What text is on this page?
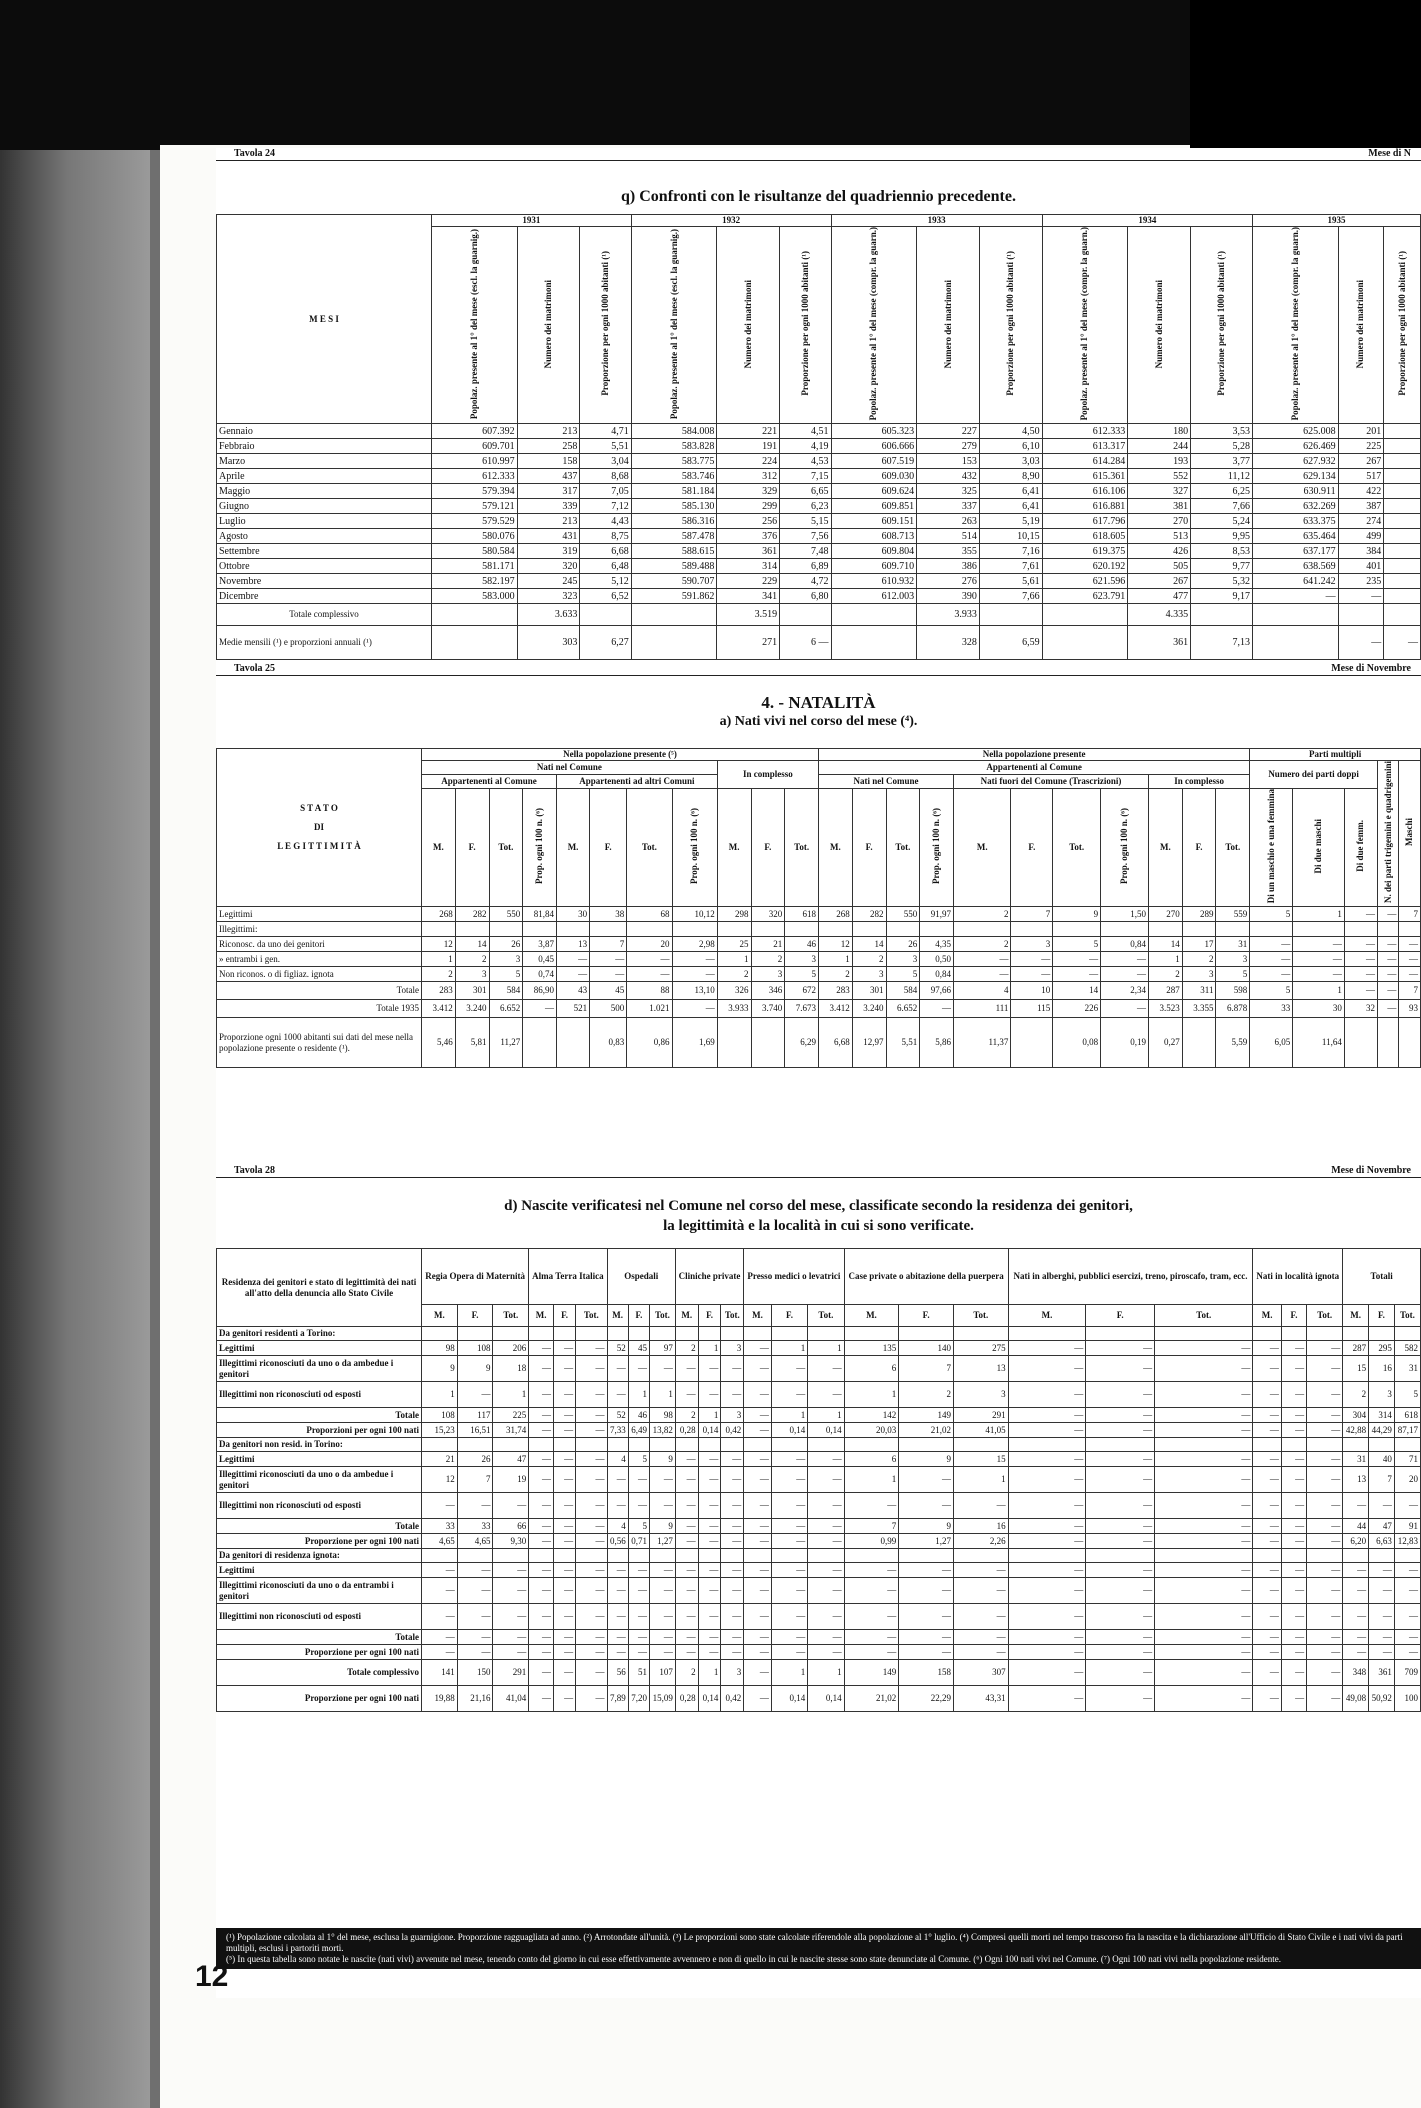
Tavola 24	Mese di N
q) Confronti con le risultanze del quadriennio precedente.
M E S I	1931			1932			1933			1934			1935		
	Popolaz. presente al 1° del mese (escl. la guarnig.)	Numero dei matrimoni	Proporzione per ogni 1000 abitanti (¹)	Popolaz. presente al 1° del mese (escl. la guarnig.)	Numero dei matrimoni	Proporzione per ogni 1000 abitanti (¹)	Popolaz. presente al 1° del mese (compr. la guarn.)	Numero dei matrimoni	Proporzione per ogni 1000 abitanti (¹)	Popolaz. presente al 1° del mese (compr. la guarn.)	Numero dei matrimoni	Proporzione per ogni 1000 abitanti (¹)	Popolaz. presente al 1° del mese (compr. la guarn.)	Numero dei matrimoni	Proporzione per ogni 1000 abitanti (¹)
Gennaio	607.392	213	4,71	584.008	221	4,51	605.323	227	4,50	612.333	180	3,53	625.008	201	
Febbraio	609.701	258	5,51	583.828	191	4,19	606.666	279	6,10	613.317	244	5,28	626.469	225	
Marzo	610.997	158	3,04	583.775	224	4,53	607.519	153	3,03	614.284	193	3,77	627.932	267	
Aprile	612.333	437	8,68	583.746	312	7,15	609.030	432	8,90	615.361	552	11,12	629.134	517	
Maggio	579.394	317	7,05	581.184	329	6,65	609.624	325	6,41	616.106	327	6,25	630.911	422	
Giugno	579.121	339	7,12	585.130	299	6,23	609.851	337	6,41	616.881	381	7,66	632.269	387	
Luglio	579.529	213	4,43	586.316	256	5,15	609.151	263	5,19	617.796	270	5,24	633.375	274	
Agosto	580.076	431	8,75	587.478	376	7,56	608.713	514	10,15	618.605	513	9,95	635.464	499	
Settembre	580.584	319	6,68	588.615	361	7,48	609.804	355	7,16	619.375	426	8,53	637.177	384	
Ottobre	581.171	320	6,48	589.488	314	6,89	609.710	386	7,61	620.192	505	9,77	638.569	401	
Novembre	582.197	245	5,12	590.707	229	4,72	610.932	276	5,61	621.596	267	5,32	641.242	235	
Dicembre	583.000	323	6,52	591.862	341	6,80	612.003	390	7,66	623.791	477	9,17	—	—	
Totale complessivo		3.633			3.519			3.933			4.335				
Medie mensili (¹) e proporzioni annuali (¹)		303	6,27		271	6 —		328	6,59		361	7,13		—	—
Tavola 25	Mese di Novembre
4. - NATALITÀ
a) Nati vivi nel corso del mese (⁴).
S T A T O
DI
L E G I T T I M I T À	Nella popolazione presente (⁵)											Nella popolazione presente											Parti multipli				
	Nati nel Comune								In complesso			Appartenenti al Comune											Numero dei parti doppi			N. dei parti trigemini e quadrigemini	Maschi
	Appartenenti al Comune				Appartenenti ad altri Comuni							Nati nel Comune				Nati fuori del Comune (Trascrizioni)				In complesso							
	M.	F.	Tot.	Prop. ogni 100 n. (⁶)	M.	F.	Tot.	Prop. ogni 100 n. (⁶)	M.	F.	Tot.	M.	F.	Tot.	Prop. ogni 100 n. (⁶)	M.	F.	Tot.	Prop. ogni 100 n. (⁶)	M.	F.	Tot.	Di un maschio e una femmina	Di due maschi	Di due femm.		
Legittimi	268	282	550	81,84	30	38	68	10,12	298	320	618	268	282	550	91,97	2	7	9	1,50	270	289	559	5	1	—	—	7
Illegittimi:																											
Riconosc. da uno dei genitori	12	14	26	3,87	13	7	20	2,98	25	21	46	12	14	26	4,35	2	3	5	0,84	14	17	31	—	—	—	—	—
» entrambi i gen.	1	2	3	0,45	—	—	—	—	1	2	3	1	2	3	0,50	—	—	—	—	1	2	3	—	—	—	—	—
Non riconos. o di figliaz. ignota	2	3	5	0,74	—	—	—	—	2	3	5	2	3	5	0,84	—	—	—	—	2	3	5	—	—	—	—	—
Totale	283	301	584	86,90	43	45	88	13,10	326	346	672	283	301	584	97,66	4	10	14	2,34	287	311	598	5	1	—	—	7
Totale 1935	3.412	3.240	6.652	—	521	500	1.021	—	3.933	3.740	7.673	3.412	3.240	6.652	—	111	115	226	—	3.523	3.355	6.878	33	30	32	—	93
Proporzione ogni 1000 abitanti sui dati del mese nella popolazione presente o residente (¹).	5,46	5,81	11,27			0,83	0,86	1,69			6,29	6,68	12,97	5,51	5,86	11,37		0,08	0,19	0,27		5,59	6,05	11,64			
Tavola 28	Mese di Novembre
d) Nascite verificatesi nel Comune nel corso del mese, classificate secondo la residenza dei genitori,
la legittimità e la località in cui si sono verificate.
Residenza dei genitori e stato di legittimità dei nati all'atto della denuncia allo Stato Civile	Regia Opera di Maternità			Alma Terra Italica			Ospedali			Cliniche private			Presso medici o levatrici			Case private o abitazione della puerpera			Nati in alberghi, pubblici esercizi, treno, piroscafo, tram, ecc.			Nati in località ignota			Totali		
	M.	F.	Tot.	M.	F.	Tot.	M.	F.	Tot.	M.	F.	Tot.	M.	F.	Tot.	M.	F.	Tot.	M.	F.	Tot.	M.	F.	Tot.	M.	F.	Tot.
Da genitori residenti a Torino:																											
Legittimi	98	108	206	—	—	—	52	45	97	2	1	3	—	1	1	135	140	275	—	—	—	—	—	—	287	295	582
Illegittimi riconosciuti da uno o da ambedue i genitori	9	9	18	—	—	—	—	—	—	—	—	—	—	—	—	6	7	13	—	—	—	—	—	—	15	16	31
Illegittimi non riconosciuti od esposti	1	—	1	—	—	—	—	1	1	—	—	—	—	—	—	1	2	3	—	—	—	—	—	—	2	3	5
Totale	108	117	225	—	—	—	52	46	98	2	1	3	—	1	1	142	149	291	—	—	—	—	—	—	304	314	618
Proporzioni per ogni 100 nati	15,23	16,51	31,74	—	—	—	7,33	6,49	13,82	0,28	0,14	0,42	—	0,14	0,14	20,03	21,02	41,05	—	—	—	—	—	—	42,88	44,29	87,17
Da genitori non resid. in Torino:																											
Legittimi	21	26	47	—	—	—	4	5	9	—	—	—	—	—	—	6	9	15	—	—	—	—	—	—	31	40	71
Illegittimi riconosciuti da uno o da ambedue i genitori	12	7	19	—	—	—	—	—	—	—	—	—	—	—	—	1	—	1	—	—	—	—	—	—	13	7	20
Illegittimi non riconosciuti od esposti	—	—	—	—	—	—	—	—	—	—	—	—	—	—	—	—	—	—	—	—	—	—	—	—	—	—	—
Totale	33	33	66	—	—	—	4	5	9	—	—	—	—	—	—	7	9	16	—	—	—	—	—	—	44	47	91
Proporzione per ogni 100 nati	4,65	4,65	9,30	—	—	—	0,56	0,71	1,27	—	—	—	—	—	—	0,99	1,27	2,26	—	—	—	—	—	—	6,20	6,63	12,83
Da genitori di residenza ignota:																											
Legittimi	—	—	—	—	—	—	—	—	—	—	—	—	—	—	—	—	—	—	—	—	—	—	—	—	—	—	—
Illegittimi riconosciuti da uno o da entrambi i genitori	—	—	—	—	—	—	—	—	—	—	—	—	—	—	—	—	—	—	—	—	—	—	—	—	—	—	—
Illegittimi non riconosciuti od esposti	—	—	—	—	—	—	—	—	—	—	—	—	—	—	—	—	—	—	—	—	—	—	—	—	—	—	—
Totale	—	—	—	—	—	—	—	—	—	—	—	—	—	—	—	—	—	—	—	—	—	—	—	—	—	—	—
Proporzione per ogni 100 nati	—	—	—	—	—	—	—	—	—	—	—	—	—	—	—	—	—	—	—	—	—	—	—	—	—	—	—
Totale complessivo	141	150	291	—	—	—	56	51	107	2	1	3	—	1	1	149	158	307	—	—	—	—	—	—	348	361	709
Proporzione per ogni 100 nati	19,88	21,16	41,04	—	—	—	7,89	7,20	15,09	0,28	0,14	0,42	—	0,14	0,14	21,02	22,29	43,31	—	—	—	—	—	—	49,08	50,92	100
(¹) Popolazione calcolata al 1° del mese, esclusa la guarnigione. Proporzione ragguagliata ad anno. (²) Arrotondate all'unità. (³) Le proporzioni sono state calcolate riferendole alla popolazione al 1° luglio. (⁴) Compresi quelli morti nel tempo trascorso fra la nascita e la dichiarazione all'Ufficio di Stato Civile e i nati vivi da parti multipli, esclusi i partoriti morti.
(⁵) In questa tabella sono notate le nascite (nati vivi) avvenute nel mese, tenendo conto del giorno in cui esse effettivamente avvennero e non di quello in cui le nascite stesse sono state denunciate al Comune. (⁶) Ogni 100 nati vivi nel Comune. (⁷) Ogni 100 nati vivi nella popolazione residente.
12
